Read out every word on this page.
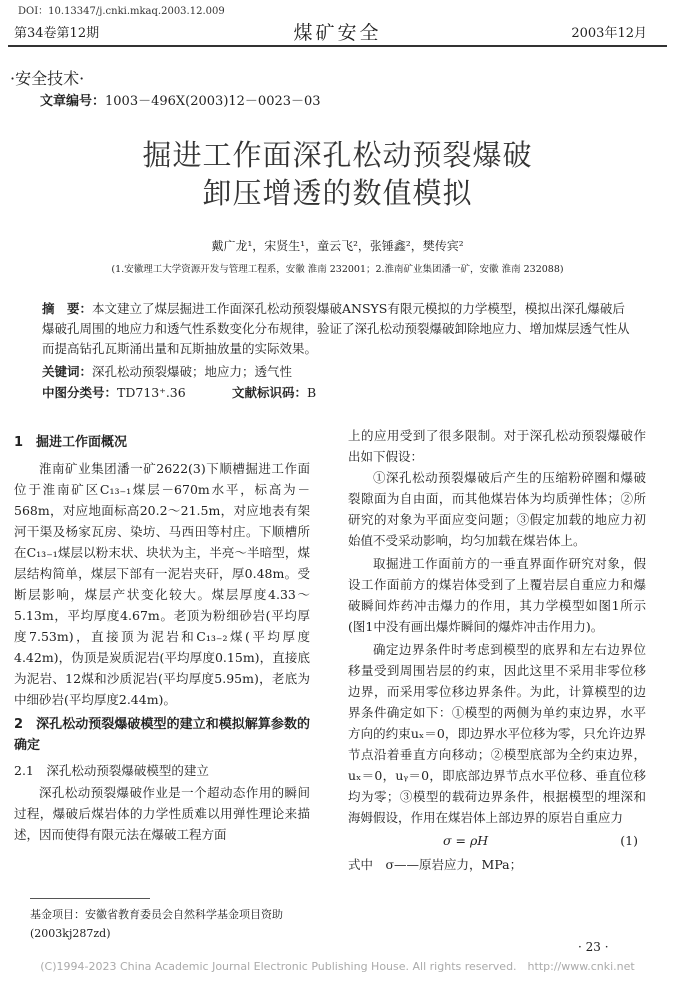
DOI：10.13347/j.cnki.mkaq.2003.12.009
第34卷第12期	煤矿安全	2003年12月
·安全技术·
文章编号：1003－496X(2003)12－0023－03
掘进工作面深孔松动预裂爆破
卸压增透的数值模拟
戴广龙¹，宋贤生¹，童云飞²，张锤鑫²，樊传宾²
(1.安徽理工大学资源开发与管理工程系，安徽 淮南 232001；2.淮南矿业集团潘一矿，安徽 淮南 232088)
摘　要：本文建立了煤层掘进工作面深孔松动预裂爆破ANSYS有限元模拟的力学模型，模拟出深孔爆破后爆破孔周围的地应力和透气性系数变化分布规律，验证了深孔松动预裂爆破卸除地应力、增加煤层透气性从而提高钻孔瓦斯涌出量和瓦斯抽放量的实际效果。
关键词：深孔松动预裂爆破；地应力；透气性
中图分类号：TD713⁺.36	文献标识码：B

1　掘进工作面概况

淮南矿业集团潘一矿2622(3)下顺槽掘进工作面位于淮南矿区C₁₃₋₁煤层－670m水平，标高为－568m，对应地面标高20.2～21.5m，对应地表有架河干渠及杨家瓦房、染坊、马西田等村庄。下顺槽所在C₁₃₋₁煤层以粉末状、块状为主，半亮～半暗型，煤层结构简单，煤层下部有一泥岩夹矸，厚0.48m。受断层影响，煤层产状变化较大。煤层厚度4.33～5.13m，平均厚度4.67m。老顶为粉细砂岩(平均厚度7.53m)，直接顶为泥岩和C₁₃₋₂煤(平均厚度4.42m)，伪顶是炭质泥岩(平均厚度0.15m)，直接底为泥岩、12煤和沙质泥岩(平均厚度5.95m)，老底为中细砂岩(平均厚度2.44m)。

2　深孔松动预裂爆破模型的建立和模拟解算参数的确定

2.1　深孔松动预裂爆破模型的建立

深孔松动预裂爆破作业是一个超动态作用的瞬间过程，爆破后煤岩体的力学性质难以用弹性理论来描述，因而使得有限元法在爆破工程方面

上的应用受到了很多限制。对于深孔松动预裂爆破作出如下假设：

①深孔松动预裂爆破后产生的压缩粉碎圈和爆破裂隙面为自由面，而其他煤岩体为均质弹性体；②所研究的对象为平面应变问题；③假定加载的地应力初始值不受采动影响，均匀加载在煤岩体上。

取掘进工作面前方的一垂直界面作研究对象，假设工作面前方的煤岩体受到了上覆岩层自重应力和爆破瞬间炸药冲击爆力的作用，其力学模型如图1所示(图1中没有画出爆炸瞬间的爆炸冲击作用力)。

确定边界条件时考虑到模型的底界和左右边界位移量受到周围岩层的约束，因此这里不采用非零位移边界，而采用零位移边界条件。为此，计算模型的边界条件确定如下：①模型的两侧为单约束边界，水平方向的约束uₓ＝0，即边界水平位移为零，只允许边界节点沿着垂直方向移动；②模型底部为全约束边界，uₓ＝0，uᵧ＝0，即底部边界节点水平位移、垂直位移均为零；③模型的载荷边界条件，根据模型的埋深和海姆假设，作用在煤岩体上部边界的原岩自重应力

σ = ρH	(1)

式中　σ——原岩应力，MPa；

基金项目：安徽省教育委员会自然科学基金项目资助(2003kj287zd)
· 23 ·
(C)1994-2023 China Academic Journal Electronic Publishing House. All rights reserved.　http://www.cnki.net
